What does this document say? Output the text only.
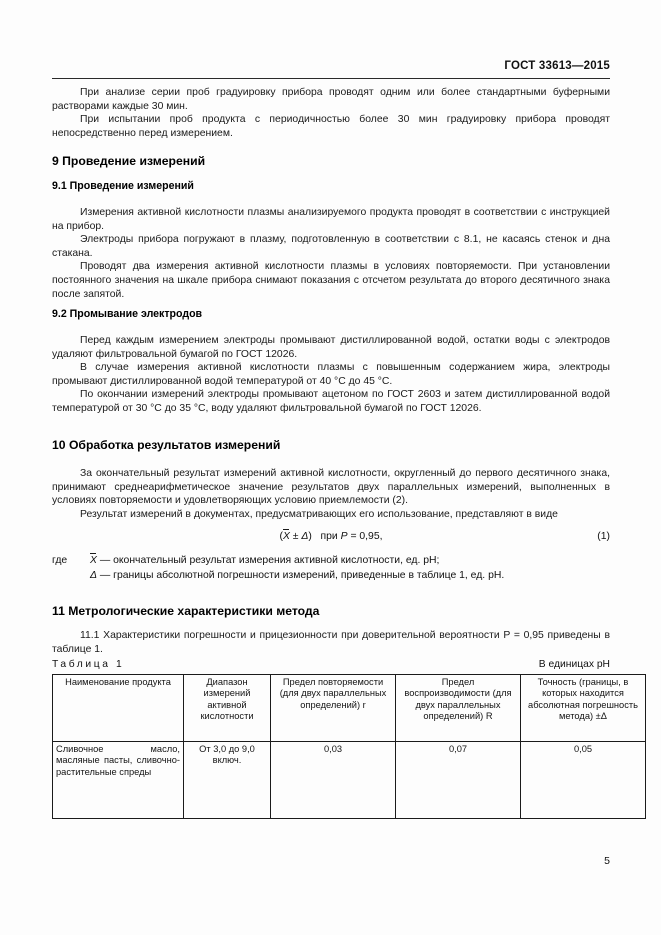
ГОСТ 33613—2015

При анализе серии проб градуировку прибора проводят одним или более стандартными буферными растворами каждые 30 мин.

При испытании проб продукта с периодичностью более 30 мин градуировку прибора проводят непосредственно перед измерением.

9 Проведение измерений
9.1 Проведение измерений

Измерения активной кислотности плазмы анализируемого продукта проводят в соответствии с инструкцией на прибор.

Электроды прибора погружают в плазму, подготовленную в соответствии с 8.1, не касаясь стенок и дна стакана.

Проводят два измерения активной кислотности плазмы в условиях повторяемости. При установлении постоянного значения на шкале прибора снимают показания с отсчетом результата до второго десятичного знака после запятой.

9.2 Промывание электродов

Перед каждым измерением электроды промывают дистиллированной водой, остатки воды с электродов удаляют фильтровальной бумагой по ГОСТ 12026.

В случае измерения активной кислотности плазмы с повышенным содержанием жира, электроды промывают дистиллированной водой температурой от 40 °С до 45 °С.

По окончании измерений электроды промывают ацетоном по ГОСТ 2603 и затем дистиллированной водой температурой от 30 °С до 35 °С, воду удаляют фильтровальной бумагой по ГОСТ 12026.

10 Обработка результатов измерений

За окончательный результат измерений активной кислотности, округленный до первого десятичного знака, принимают среднеарифметическое значение результатов двух параллельных измерений, выполненных в условиях повторяемости и удовлетворяющих условию приемлемости (2).

Результат измерений в документах, предусматривающих его использование, представляют в виде

(X ± Δ) при P = 0,95,	(1)
где	X — окончательный результат измерения активной кислотности, ед. рН;
Δ — границы абсолютной погрешности измерений, приведенные в таблице 1, ед. рН.
11 Метрологические характеристики метода

11.1 Характеристики погрешности и прицезионности при доверительной вероятности P = 0,95 приведены в таблице 1.

Таблица 1	В единицах pH
Наименование продукта	Диапазон измерений активной кислотности	Предел повторяемости (для двух параллельных определений) r	Предел воспроизводимости (для двух параллельных определений) R	Точность (границы, в которых находится абсолютная погрешность метода) ±Δ
Сливочное масло, масляные пасты, сливочно-растительные спреды	От 3,0 до 9,0 включ.	0,03	0,07	0,05
5
